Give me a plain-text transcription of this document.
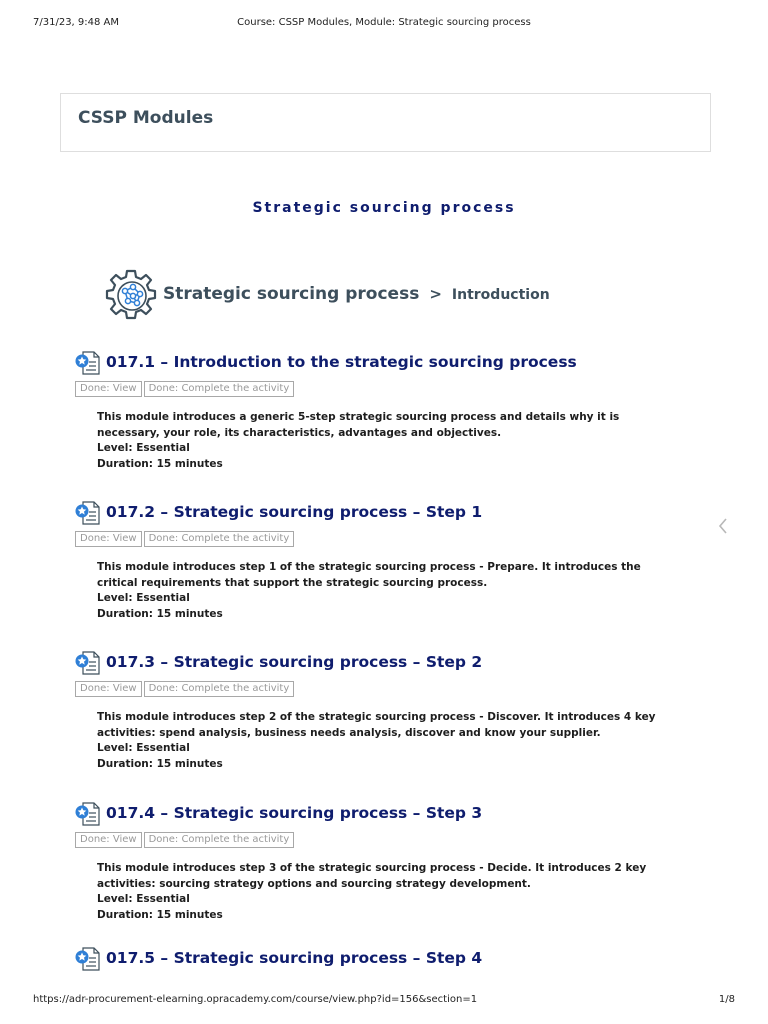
7/31/23, 9:48 AM	Course: CSSP Modules, Module: Strategic sourcing process
CSSP Modules
Strategic sourcing process
Strategic sourcing process > Introduction
017.1 – Introduction to the strategic sourcing process
Done: View	Done: Complete the activity
This module introduces a generic 5-step strategic sourcing process and details why it is necessary, your role, its characteristics, advantages and objectives.
Level: Essential
Duration: 15 minutes
017.2 – Strategic sourcing process – Step 1
Done: View	Done: Complete the activity
This module introduces step 1 of the strategic sourcing process - Prepare. It introduces the critical requirements that support the strategic sourcing process.
Level: Essential
Duration: 15 minutes
017.3 – Strategic sourcing process – Step 2
Done: View	Done: Complete the activity
This module introduces step 2 of the strategic sourcing process - Discover. It introduces 4 key activities: spend analysis, business needs analysis, discover and know your supplier.
Level: Essential
Duration: 15 minutes
017.4 – Strategic sourcing process – Step 3
Done: View	Done: Complete the activity
This module introduces step 3 of the strategic sourcing process - Decide. It introduces 2 key activities: sourcing strategy options and sourcing strategy development.
Level: Essential
Duration: 15 minutes
017.5 – Strategic sourcing process – Step 4
https://adr-procurement-elearning.opracademy.com/course/view.php?id=156&section=1	1/8
